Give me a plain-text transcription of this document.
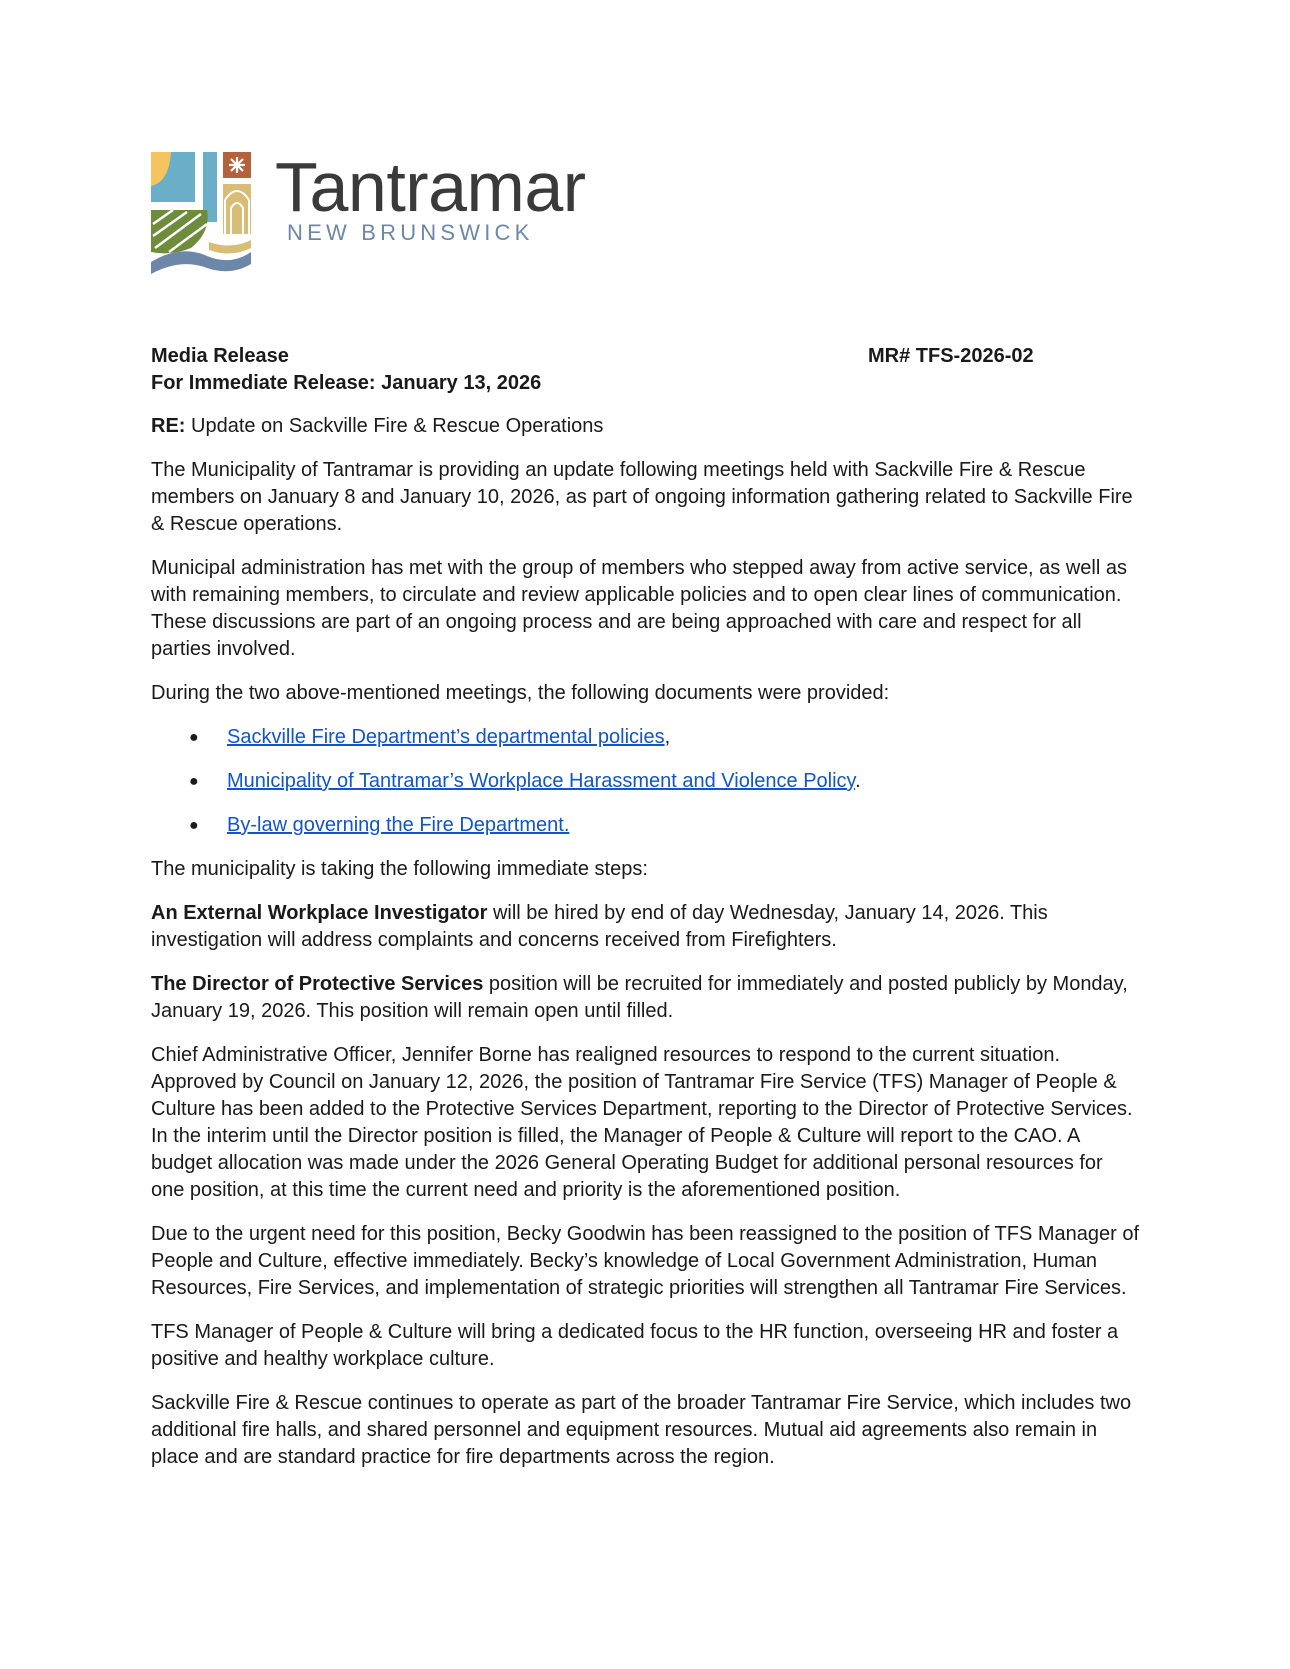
Tantramar
NEW BRUNSWICK
Media Release	MR# TFS-2026-02
For Immediate Release: January 13, 2026

RE: Update on Sackville Fire & Rescue Operations

The Municipality of Tantramar is providing an update following meetings held with Sackville Fire & Rescue members on January 8 and January 10, 2026, as part of ongoing information gathering related to Sackville Fire & Rescue operations.

Municipal administration has met with the group of members who stepped away from active service, as well as with remaining members, to circulate and review applicable policies and to open clear lines of communication. These discussions are part of an ongoing process and are being approached with care and respect for all parties involved.

During the two above-mentioned meetings, the following documents were provided:

● Sackville Fire Department’s departmental policies,
● Municipality of Tantramar’s Workplace Harassment and Violence Policy.
● By-law governing the Fire Department.

The municipality is taking the following immediate steps:

An External Workplace Investigator will be hired by end of day Wednesday, January 14, 2026. This investigation will address complaints and concerns received from Firefighters.

The Director of Protective Services position will be recruited for immediately and posted publicly by Monday, January 19, 2026. This position will remain open until filled.

Chief Administrative Officer, Jennifer Borne has realigned resources to respond to the current situation. Approved by Council on January 12, 2026, the position of Tantramar Fire Service (TFS) Manager of People & Culture has been added to the Protective Services Department, reporting to the Director of Protective Services. In the interim until the Director position is filled, the Manager of People & Culture will report to the CAO. A budget allocation was made under the 2026 General Operating Budget for additional personal resources for one position, at this time the current need and priority is the aforementioned position.

Due to the urgent need for this position, Becky Goodwin has been reassigned to the position of TFS Manager of People and Culture, effective immediately. Becky’s knowledge of Local Government Administration, Human Resources, Fire Services, and implementation of strategic priorities will strengthen all Tantramar Fire Services.

TFS Manager of People & Culture will bring a dedicated focus to the HR function, overseeing HR and foster a positive and healthy workplace culture.

Sackville Fire & Rescue continues to operate as part of the broader Tantramar Fire Service, which includes two additional fire halls, and shared personnel and equipment resources. Mutual aid agreements also remain in place and are standard practice for fire departments across the region.
